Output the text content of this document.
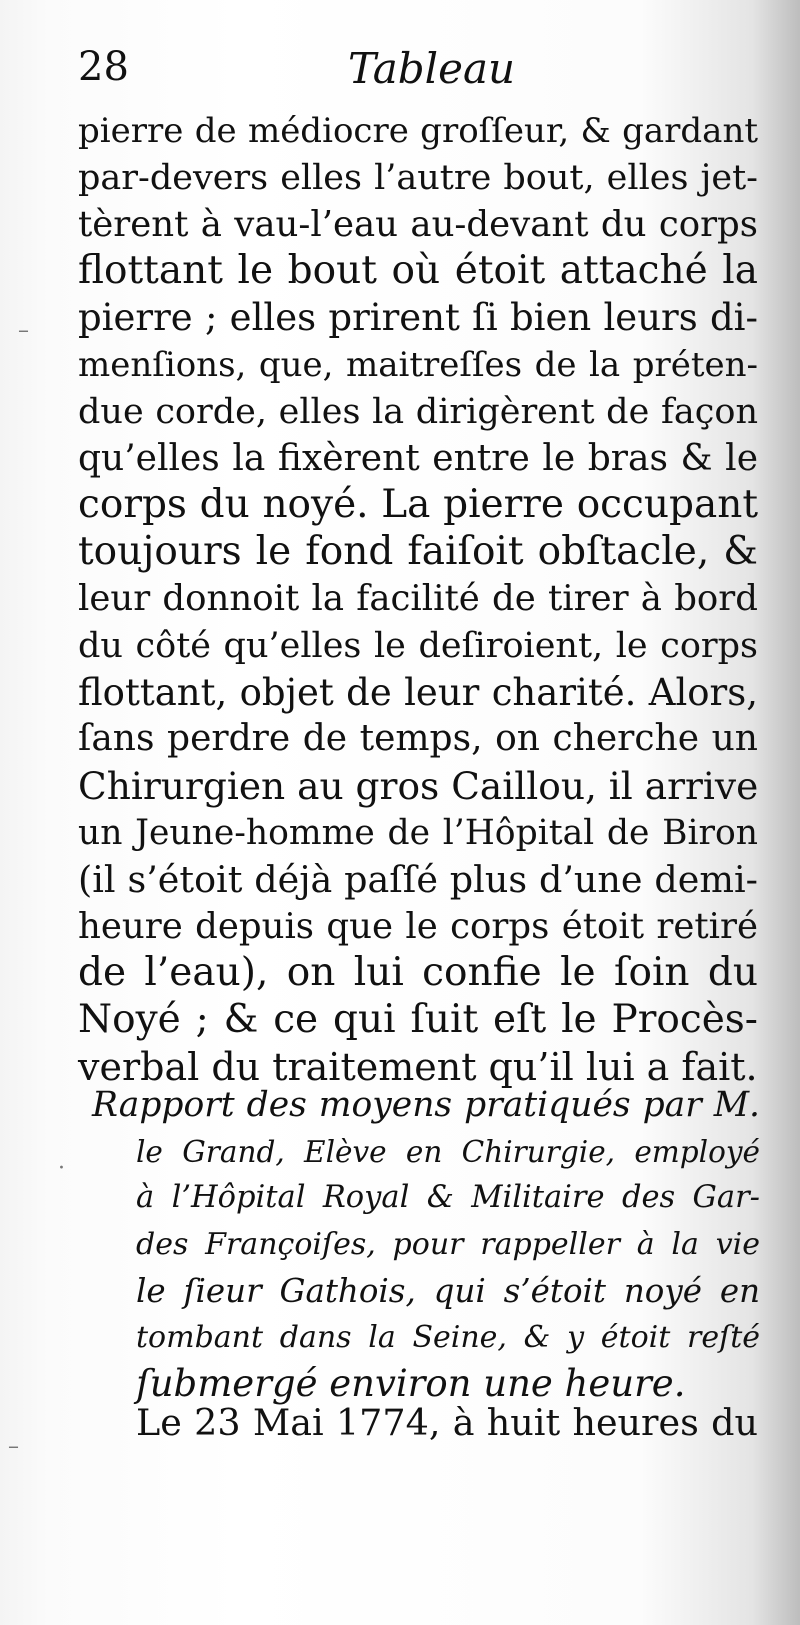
28	Tableau
pierre de médiocre groſſeur, & gardant
par-devers elles l’autre bout, elles jet-
tèrent à vau-l’eau au-devant du corps
flottant le bout où étoit attaché la
pierre ; elles prirent ſi bien leurs di-
menſions, que, maitreſſes de la préten-
due corde, elles la dirigèrent de façon
qu’elles la fixèrent entre le bras & le
corps du noyé. La pierre occupant
toujours le fond faiſoit obſtacle, &
leur donnoit la facilité de tirer à bord
du côté qu’elles le deſiroient, le corps
flottant, objet de leur charité. Alors,
ſans perdre de temps, on cherche un
Chirurgien au gros Caillou, il arrive
un Jeune-homme de l’Hôpital de Biron
(il s’étoit déjà paſſé plus d’une demi-
heure depuis que le corps étoit retiré
de l’eau), on lui confie le ſoin du
Noyé ; & ce qui ſuit eſt le Procès-
verbal du traitement qu’il lui a fait.
Rapport des moyens pratiqués par M.
le Grand, Elève en Chirurgie, employé
à l’Hôpital Royal & Militaire des Gar-
des Françoiſes, pour rappeller à la vie
le ſieur Gathois, qui s’étoit noyé en
tombant dans la Seine, & y étoit reſté
ſubmergé environ une heure.
Le 23 Mai 1774, à huit heures du
–
·
–
